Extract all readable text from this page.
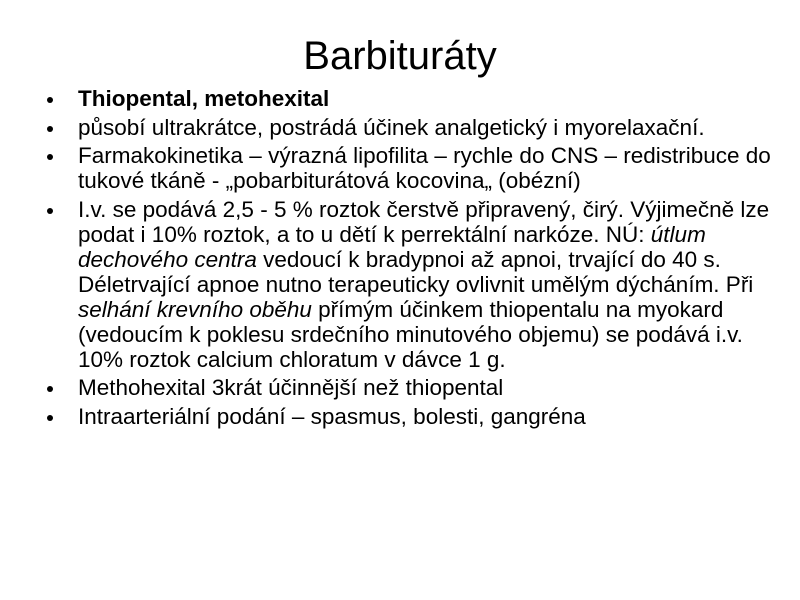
Barbituráty
Thiopental, metohexital
působí ultrakrátce, postrádá účinek analgetický i myorelaxační.
Farmakokinetika – výrazná lipofilita – rychle do CNS – redistribuce do tukové tkáně - „pobarbiturátová kocovina„ (obézní)
I.v. se podává 2,5 - 5 % roztok čerstvě připravený, čirý. Výjimečně lze podat i 10% roztok, a to u dětí k perrektální narkóze. NÚ: útlum dechového centra vedoucí k bradypnoi až apnoi, trvající do 40 s. Déletrvající apnoe nutno terapeuticky ovlivnit umělým dýcháním. Při selhání krevního oběhu přímým účinkem thiopentalu na myokard (vedoucím k poklesu srdečního minutového objemu) se podává i.v. 10% roztok calcium chloratum v dávce 1 g.
Methohexital 3krát účinnější než thiopental
Intraarteriální podání – spasmus, bolesti, gangréna
